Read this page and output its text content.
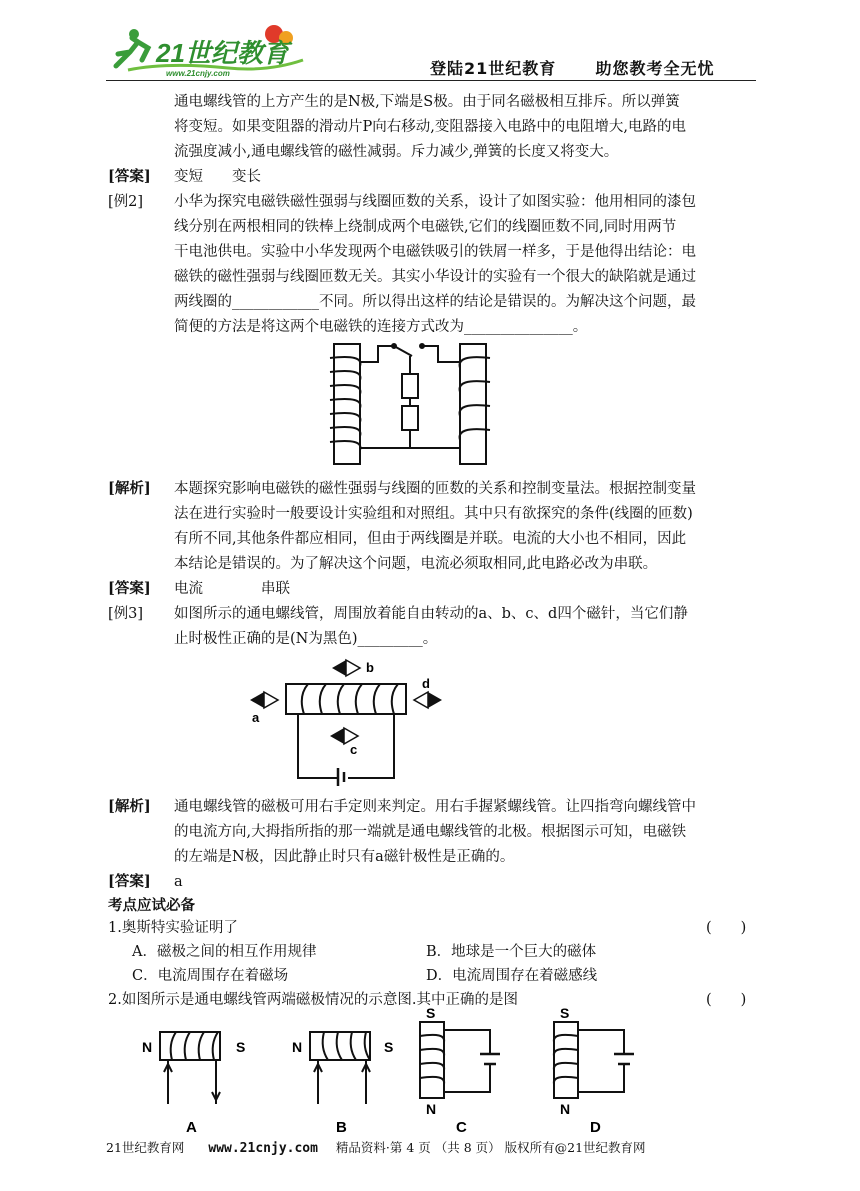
21世纪教育
www.21cnjy.com	登陆21世纪教育 助您教考全无忧
通电螺线管的上方产生的是N极,下端是S极。由于同名磁极相互排斥。所以弹簧
将变短。如果变阻器的滑动片P向右移动,变阻器接入电路中的电阻增大,电路的电
流强度减小,通电螺线管的磁性减弱。斥力减少,弹簧的长度又将变大。
[答案] 变短　　变长
[例2] 小华为探究电磁铁磁性强弱与线圈匝数的关系，设计了如图实验：他用相同的漆包
线分别在两根相同的铁棒上绕制成两个电磁铁,它们的线圈匝数不同,同时用两节
干电池供电。实验中小华发现两个电磁铁吸引的铁屑一样多，于是他得出结论：电
磁铁的磁性强弱与线圈匝数无关。其实小华设计的实验有一个很大的缺陷就是通过
两线圈的____________不同。所以得出这样的结论是错误的。为解决这个问题，最
简便的方法是将这两个电磁铁的连接方式改为_______________。
[解析] 本题探究影响电磁铁的磁性强弱与线圈的匝数的关系和控制变量法。根据控制变量
法在进行实验时一般要设计实验组和对照组。其中只有欲探究的条件(线圈的匝数)
有所不同,其他条件都应相同，但由于两线圈是并联。电流的大小也不相同，因此
本结论是错误的。为了解决这个问题，电流必须取相同,此电路必改为串联。
[答案] 电流　　　　串联
[例3] 如图所示的通电螺线管，周围放着能自由转动的a、b、c、d四个磁针，当它们静
止时极性正确的是(N为黑色)_________。
a
b
c
d
[解析] 通电螺线管的磁极可用右手定则来判定。用右手握紧螺线管。让四指弯向螺线管中
的电流方向,大拇指所指的那一端就是通电螺线管的北极。根据图示可知，电磁铁
的左端是N极，因此静止时只有a磁针极性是正确的。
[答案] a
考点应试必备
1.奥斯特实验证明了	(　　)
A．磁极之间的相互作用规律	B．地球是一个巨大的磁体
C．电流周围存在着磁场	D．电流周围存在着磁感线
2.如图所示是通电螺线管两端磁极情况的示意图.其中正确的是图	(　　)
N	S	N	S
S
N
S
N
A	B	C	D
21世纪教育网 www.21cnjy.com 精品资料·第 4 页 （共 8 页） 版权所有@21世纪教育网
